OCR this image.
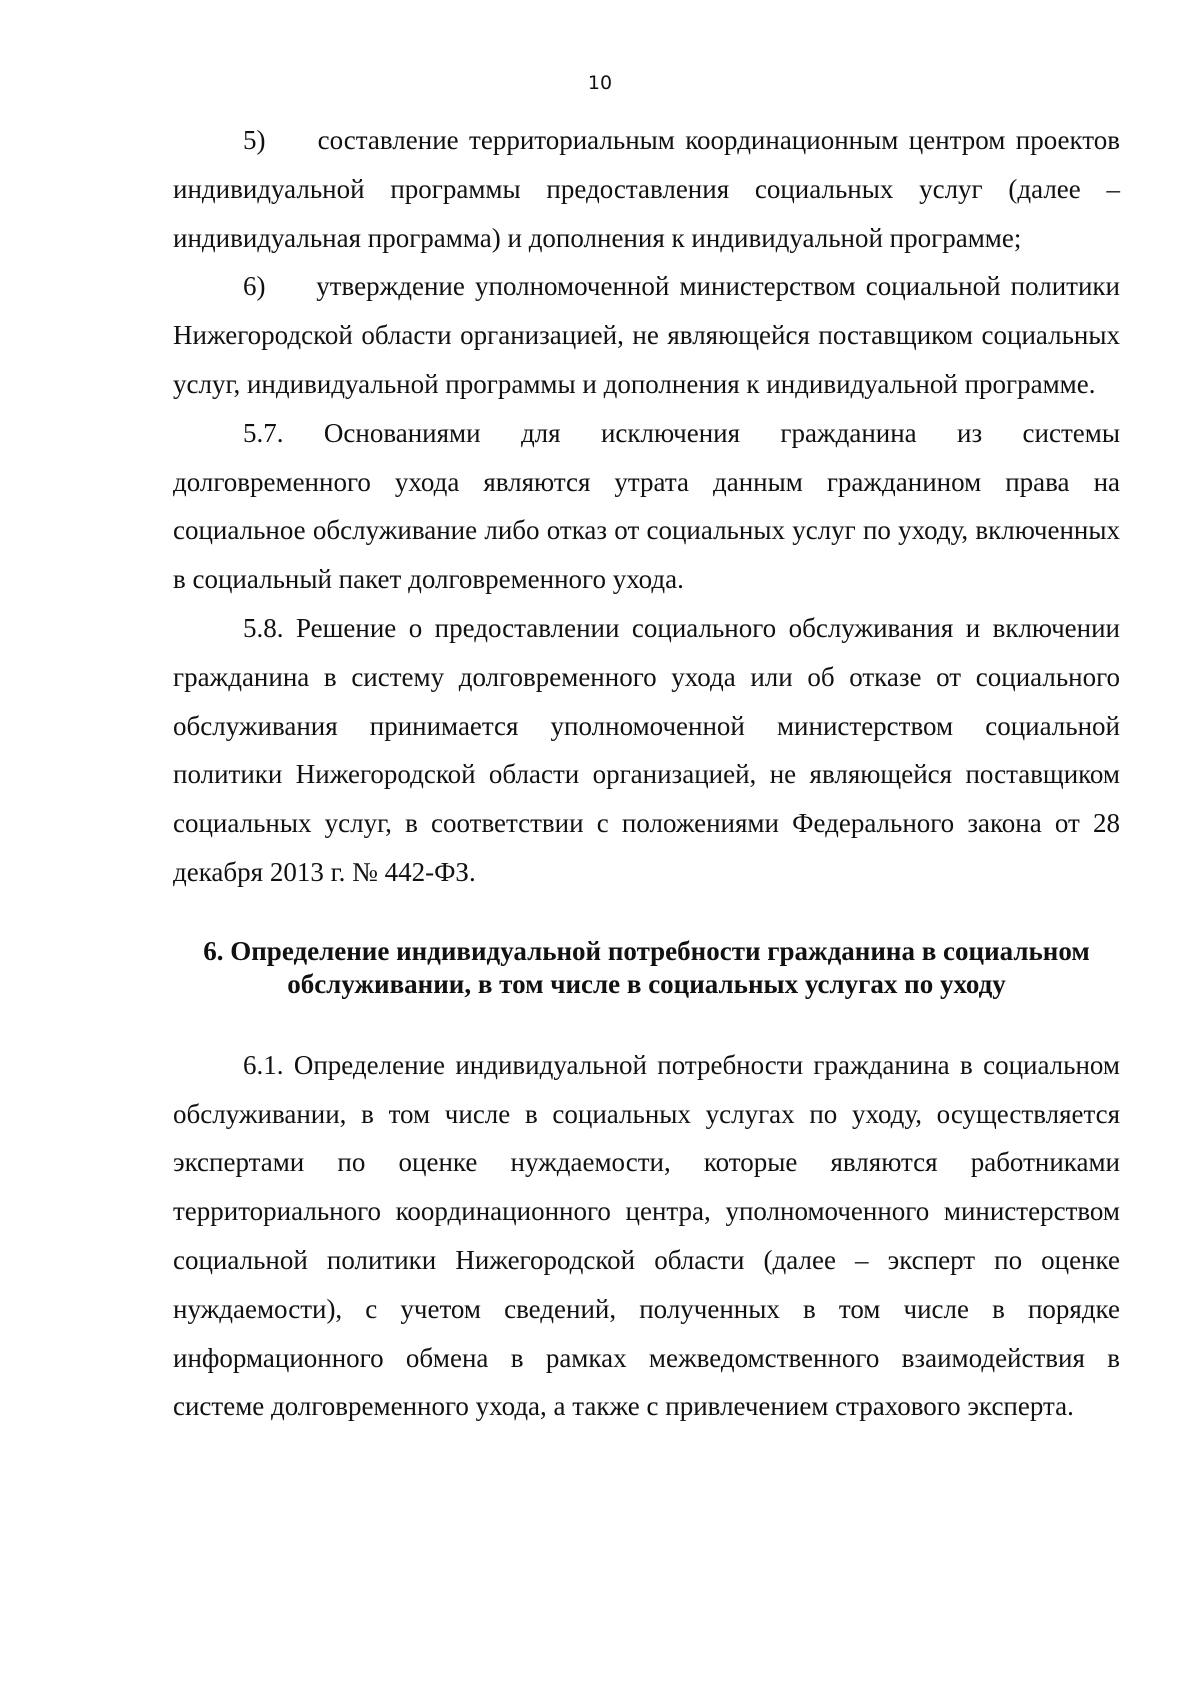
10

5)     составление территориальным координационным центром проектов индивидуальной программы предоставления социальных услуг (далее – индивидуальная программа) и дополнения к индивидуальной программе;

6)     утверждение уполномоченной министерством социальной политики Нижегородской области организацией, не являющейся поставщиком социальных услуг, индивидуальной программы и дополнения к индивидуальной программе.

5.7. Основаниями для исключения гражданина из системы долговременного ухода являются утрата данным гражданином права на социальное обслуживание либо отказ от социальных услуг по уходу, включенных в социальный пакет долговременного ухода.

5.8. Решение о предоставлении социального обслуживания и включении гражданина в систему долговременного ухода или об отказе от социального обслуживания принимается уполномоченной министерством социальной политики Нижегородской области организацией, не являющейся поставщиком социальных услуг, в соответствии с положениями Федерального закона от 28 декабря 2013 г. № 442-ФЗ.

6. Определение индивидуальной потребности гражданина в социальном
обслуживании, в том числе в социальных услугах по уходу

6.1. Определение индивидуальной потребности гражданина в социальном обслуживании, в том числе в социальных услугах по уходу, осуществляется экспертами по оценке нуждаемости, которые являются работниками территориального координационного центра, уполномоченного министерством социальной политики Нижегородской области (далее – эксперт по оценке нуждаемости), с учетом сведений, полученных в том числе в порядке информационного обмена в рамках межведомственного взаимодействия в системе долговременного ухода, а также с привлечением страхового эксперта.
